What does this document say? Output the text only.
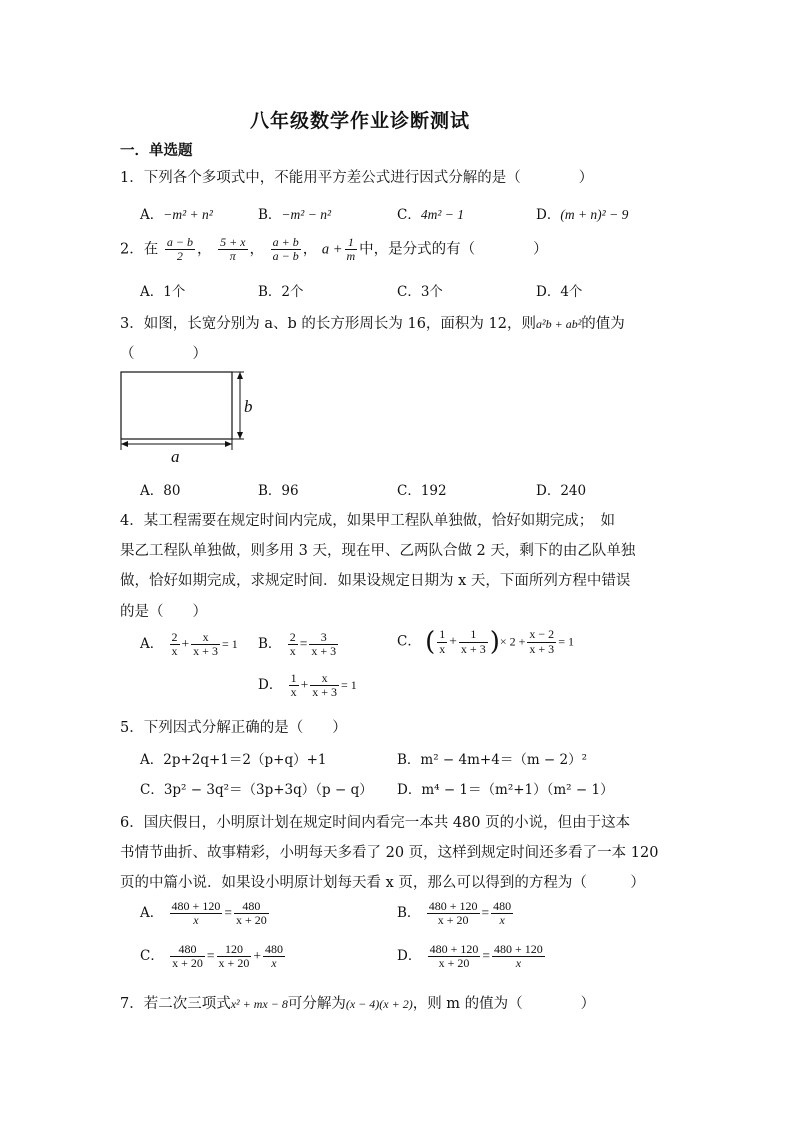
八年级数学作业诊断测试
一．单选题
1．下列各个多项式中，不能用平方差公式进行因式分解的是（　　　　）
A．−m² + n²	B．−m² − n²	C．4m² − 1	D．(m + n)² − 9
2．在 $\frac{a - b}{2}$ ， $\frac{5 + x}{\pi}$ ， $\frac{a + b}{a - b}$ ， $a + \frac{1}{m}$ 中，是分式的有（　　　　）
A．1个	B．2个	C．3个	D．4个
3．如图，长宽分别为 a、b 的长方形周长为 16，面积为 12，则a²b + ab²的值为
（　　　　）
b
a
A．80	B．96	C．192	D．240
4．某工程需要在规定时间内完成，如果甲工程队单独做，恰好如期完成；　如
果乙工程队单独做，则多用 3 天，现在甲、乙两队合做 2 天，剩下的由乙队单独
做，恰好如期完成，求规定时间．如果设规定日期为 x 天，下面所列方程中错误
的是（　　）
A． $\frac{2}{x} + \frac{x}{x + 3} = 1$ B． $\frac{2}{x} = \frac{3}{x + 3}$	C． ( $\frac{1}{x} + \frac{1}{x + 3}$ )× $2 + \frac{x - 2}{x + 3} = 1$
D． $\frac{1}{x} + \frac{x}{x + 3} = 1$
5．下列因式分解正确的是（　　）
A．2p+2q+1＝2（p+q）+1	B．m² − 4m+4＝（m − 2）²
C．3p² − 3q²＝（3p+3q）（p − q） D．m⁴ − 1＝（m²+1）（m² − 1）
6．国庆假日，小明原计划在规定时间内看完一本共 480 页的小说，但由于这本
书情节曲折、故事精彩，小明每天多看了 20 页，这样到规定时间还多看了一本 120
页的中篇小说．如果设小明原计划每天看 x 页，那么可以得到的方程为（　　　）
A． $\frac{480 + 120}{x} = \frac{480}{x + 20}$	B． $\frac{480 + 120}{x + 20} = \frac{480}{x}$
C． $\frac{480}{x + 20} = \frac{120}{x + 20} + \frac{480}{x}$	D． $\frac{480 + 120}{x + 20} = \frac{480 + 120}{x}$
7．若二次三项式x² + mx − 8可分解为(x − 4)(x + 2)，则 m 的值为（　　　　）
